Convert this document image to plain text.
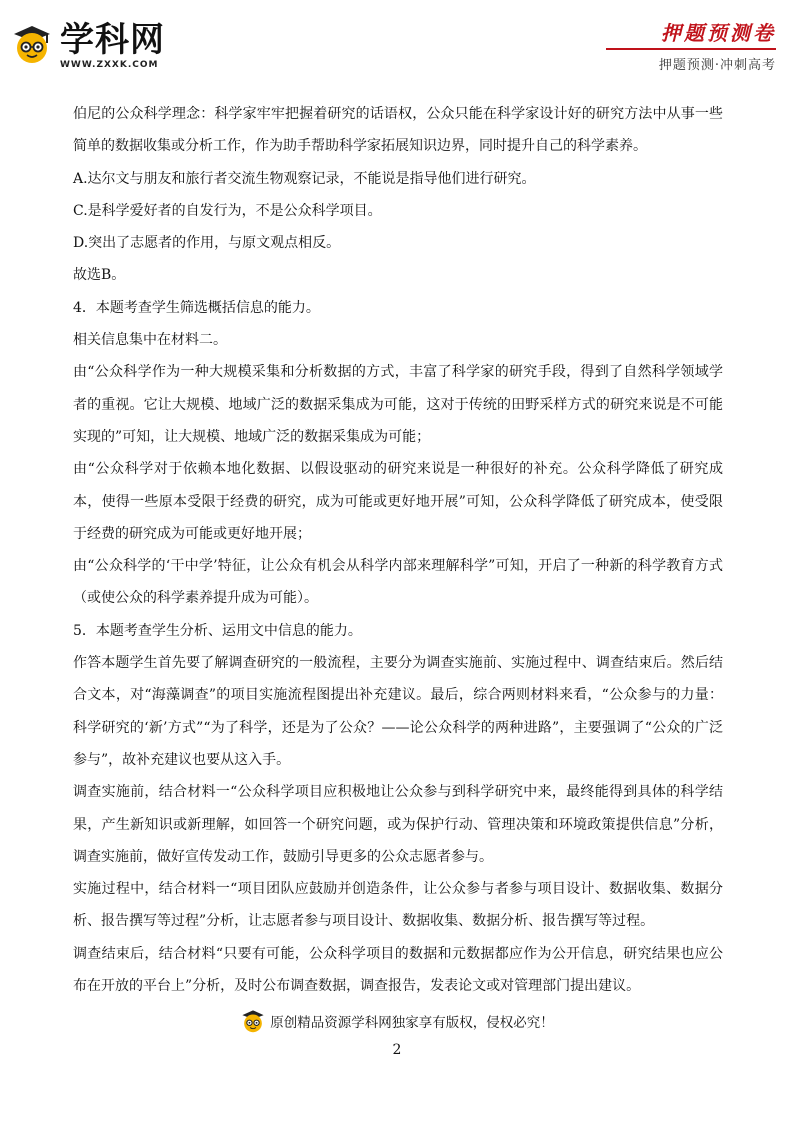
学科网
WWW.ZXXK.COM
押题预测卷
押题预测·冲刺高考

伯尼的公众科学理念：科学家牢牢把握着研究的话语权，公众只能在科学家设计好的研究方法中从事一些简单的数据收集或分析工作，作为助手帮助科学家拓展知识边界，同时提升自己的科学素养。

A.达尔文与朋友和旅行者交流生物观察记录，不能说是指导他们进行研究。

C.是科学爱好者的自发行为，不是公众科学项目。

D.突出了志愿者的作用，与原文观点相反。

故选B。

4．本题考查学生筛选概括信息的能力。

相关信息集中在材料二。

由“公众科学作为一种大规模采集和分析数据的方式，丰富了科学家的研究手段，得到了自然科学领域学者的重视。它让大规模、地域广泛的数据采集成为可能，这对于传统的田野采样方式的研究来说是不可能实现的”可知，让大规模、地域广泛的数据采集成为可能；

由“公众科学对于依赖本地化数据、以假设驱动的研究来说是一种很好的补充。公众科学降低了研究成本，使得一些原本受限于经费的研究，成为可能或更好地开展”可知，公众科学降低了研究成本，使受限于经费的研究成为可能或更好地开展；

由“公众科学的‘干中学’特征，让公众有机会从科学内部来理解科学”可知，开启了一种新的科学教育方式（或使公众的科学素养提升成为可能）。

5．本题考查学生分析、运用文中信息的能力。

作答本题学生首先要了解调查研究的一般流程，主要分为调查实施前、实施过程中、调查结束后。然后结合文本，对“海藻调查”的项目实施流程图提出补充建议。最后，综合两则材料来看，“公众参与的力量：科学研究的‘新’方式”“为了科学，还是为了公众？——论公众科学的两种进路”，主要强调了“公众的广泛参与”，故补充建议也要从这入手。

调查实施前，结合材料一“公众科学项目应积极地让公众参与到科学研究中来，最终能得到具体的科学结果，产生新知识或新理解，如回答一个研究问题，或为保护行动、管理决策和环境政策提供信息”分析，调查实施前，做好宣传发动工作，鼓励引导更多的公众志愿者参与。

实施过程中，结合材料一“项目团队应鼓励并创造条件，让公众参与者参与项目设计、数据收集、数据分析、报告撰写等过程”分析，让志愿者参与项目设计、数据收集、数据分析、报告撰写等过程。

调查结束后，结合材料“只要有可能，公众科学项目的数据和元数据都应作为公开信息，研究结果也应公布在开放的平台上”分析，及时公布调查数据，调查报告，发表论文或对管理部门提出建议。

原创精品资源学科网独家享有版权，侵权必究！
2
